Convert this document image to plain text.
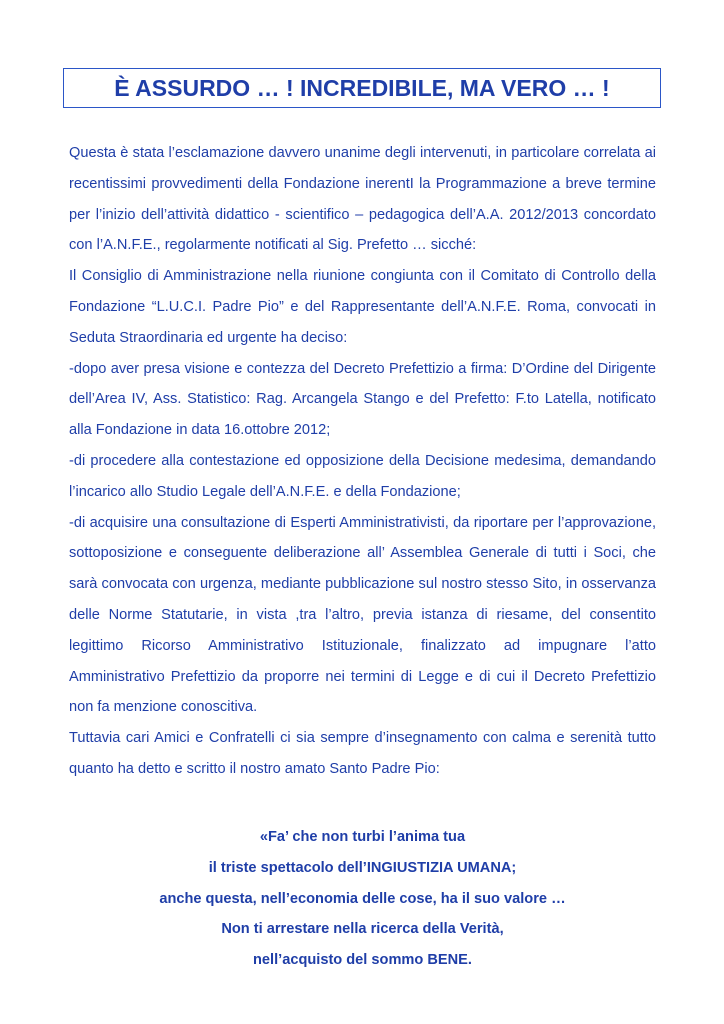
È ASSURDO … ! INCREDIBILE, MA VERO … !

Questa è stata l’esclamazione davvero unanime degli intervenuti, in particolare correlata ai recentissimi provvedimenti della Fondazione inerentI la Programmazione a breve termine per l’inizio dell’attività didattico - scientifico – pedagogica dell’A.A. 2012/2013 concordato con l’A.N.F.E., regolarmente notificati al Sig. Prefetto … sicché:

Il Consiglio di Amministrazione nella riunione congiunta con il Comitato di Controllo della Fondazione “L.U.C.I. Padre Pio” e del Rappresentante dell’A.N.F.E. Roma, convocati in Seduta Straordinaria ed urgente ha deciso:

-dopo aver presa visione e contezza del Decreto Prefettizio a firma: D’Ordine del Dirigente dell’Area IV, Ass. Statistico: Rag. Arcangela Stango e del Prefetto: F.to Latella, notificato alla Fondazione in data 16.ottobre 2012;

-di procedere alla contestazione ed opposizione della Decisione medesima, demandando l’incarico allo Studio Legale dell’A.N.F.E. e della Fondazione;

-di acquisire una consultazione di Esperti Amministrativisti, da riportare per l’approvazione, sottoposizione e conseguente deliberazione all’ Assemblea Generale di tutti i Soci, che sarà convocata con urgenza, mediante pubblicazione sul nostro stesso Sito, in osservanza delle Norme Statutarie, in vista ,tra l’altro, previa istanza di riesame, del consentito legittimo Ricorso Amministrativo Istituzionale, finalizzato ad impugnare l’atto Amministrativo Prefettizio da proporre nei termini di Legge e di cui il Decreto Prefettizio non fa menzione conoscitiva.

Tuttavia cari Amici e Confratelli ci sia sempre d’insegnamento con calma e serenità tutto quanto ha detto e scritto il nostro amato Santo Padre Pio:

«Fa’ che non turbi l’anima tua
il triste spettacolo dell’INGIUSTIZIA UMANA;
anche questa, nell’economia delle cose, ha il suo valore …
Non ti arrestare nella ricerca della Verità,
nell’acquisto del sommo BENE.
